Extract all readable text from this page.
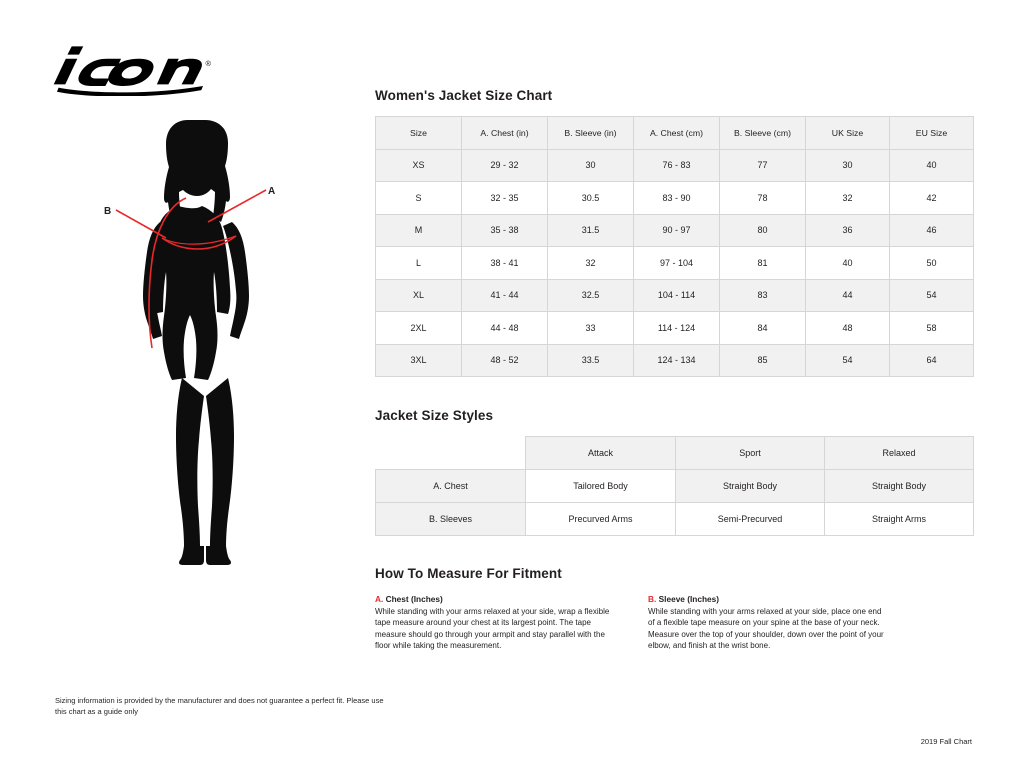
®
A
B
Sizing information is provided by the manufacturer and does not guarantee a perfect fit. Please use this chart as a guide only
Women's Jacket Size Chart
Size	A. Chest (in)	B. Sleeve (in)	A. Chest (cm)	B. Sleeve (cm)	UK Size	EU Size
XS	29 - 32	30	76 - 83	77	30	40
S	32 - 35	30.5	83 - 90	78	32	42
M	35 - 38	31.5	90 - 97	80	36	46
L	38 - 41	32	97 - 104	81	40	50
XL	41 - 44	32.5	104 - 114	83	44	54
2XL	44 - 48	33	114 - 124	84	48	58
3XL	48 - 52	33.5	124 - 134	85	54	64
Jacket Size Styles
	Attack	Sport	Relaxed
A. Chest	Tailored Body	Straight Body	Straight Body
B. Sleeves	Precurved Arms	Semi-Precurved	Straight Arms
How To Measure For Fitment
A. Chest (Inches)
While standing with your arms relaxed at your side, wrap a flexible tape measure around your chest at its largest point. The tape measure should go through your armpit and stay parallel with the floor while taking the measurement.
B. Sleeve (Inches)
While standing with your arms relaxed at your side, place one end of a flexible tape measure on your spine at the base of your neck. Measure over the top of your shoulder, down over the point of your elbow, and finish at the wrist bone.
2019 Fall Chart
